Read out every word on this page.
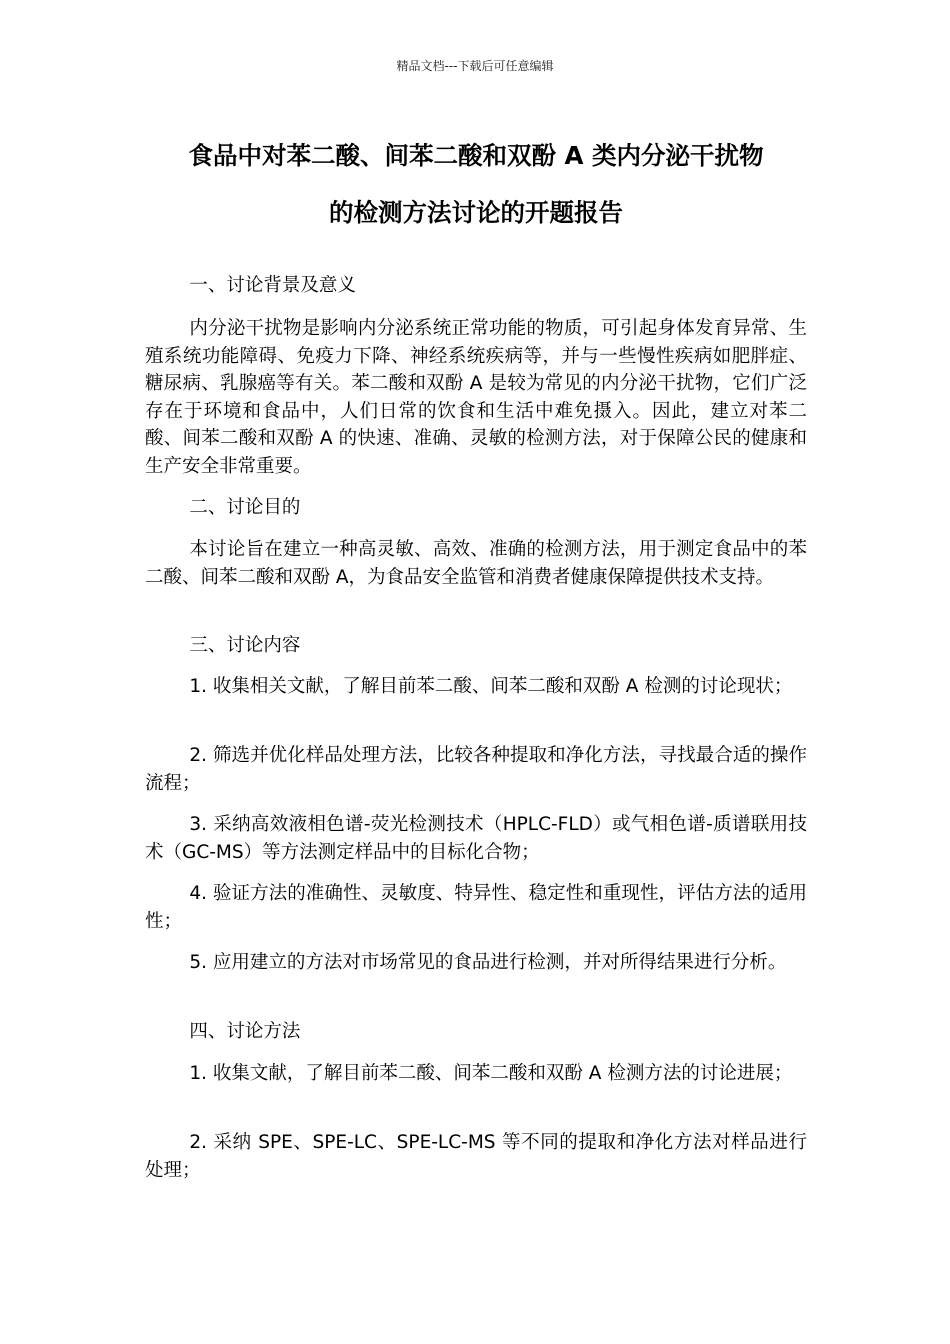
精品文档---下载后可任意编辑
食品中对苯二酸、间苯二酸和双酚 A 类内分泌干扰物
的检测方法讨论的开题报告
一、讨论背景及意义

内分泌干扰物是影响内分泌系统正常功能的物质，可引起身体发育异常、生殖系统功能障碍、免疫力下降、神经系统疾病等，并与一些慢性疾病如肥胖症、糖尿病、乳腺癌等有关。苯二酸和双酚 A 是较为常见的内分泌干扰物，它们广泛存在于环境和食品中，人们日常的饮食和生活中难免摄入。因此，建立对苯二酸、间苯二酸和双酚 A 的快速、准确、灵敏的检测方法，对于保障公民的健康和生产安全非常重要。

二、讨论目的

本讨论旨在建立一种高灵敏、高效、准确的检测方法，用于测定食品中的苯二酸、间苯二酸和双酚 A，为食品安全监管和消费者健康保障提供技术支持。

三、讨论内容

1. 收集相关文献，了解目前苯二酸、间苯二酸和双酚 A 检测的讨论现状；

2. 筛选并优化样品处理方法，比较各种提取和净化方法，寻找最合适的操作流程；

3. 采纳高效液相色谱-荧光检测技术（HPLC-FLD）或气相色谱-质谱联用技术（GC-MS）等方法测定样品中的目标化合物；

4. 验证方法的准确性、灵敏度、特异性、稳定性和重现性，评估方法的适用性；

5. 应用建立的方法对市场常见的食品进行检测，并对所得结果进行分析。

四、讨论方法

1. 收集文献，了解目前苯二酸、间苯二酸和双酚 A 检测方法的讨论进展；

2. 采纳 SPE、SPE-LC、SPE-LC-MS 等不同的提取和净化方法对样品进行处理；
